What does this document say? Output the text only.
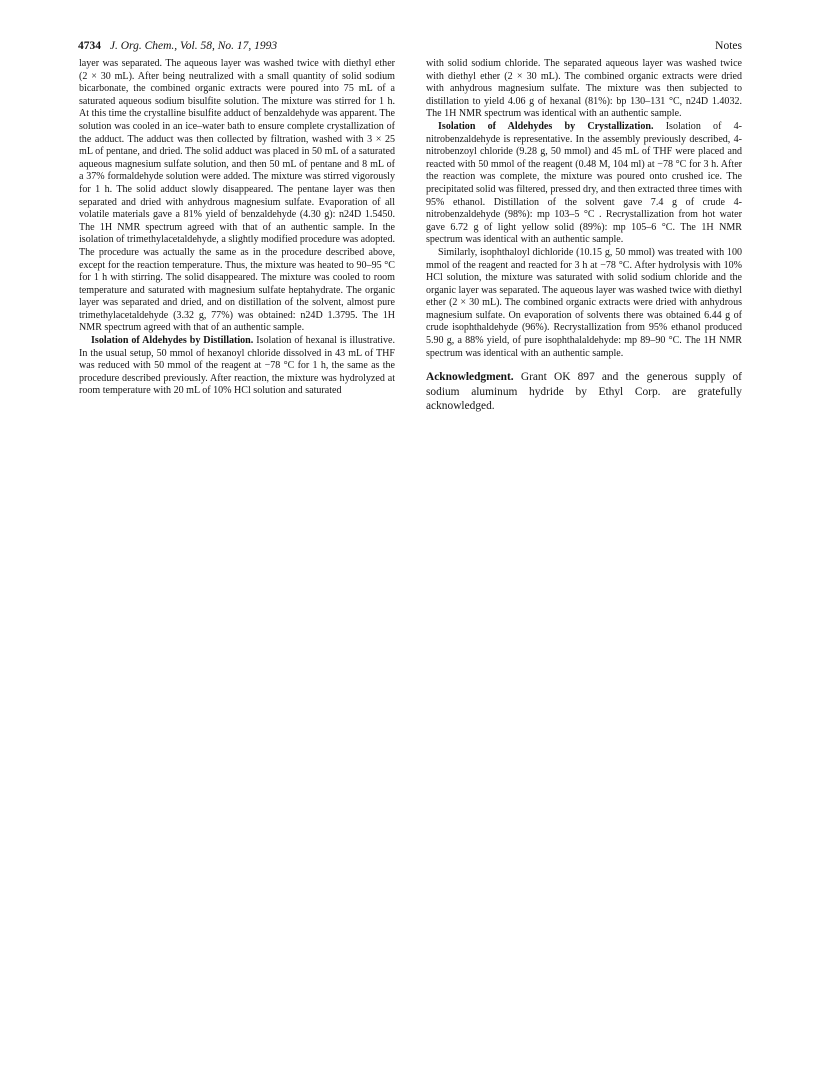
4734 J. Org. Chem., Vol. 58, No. 17, 1993	Notes

layer was separated. The aqueous layer was washed twice with diethyl ether (2 × 30 mL). After being neutralized with a small quantity of solid sodium bicarbonate, the combined organic extracts were poured into 75 mL of a saturated aqueous sodium bisulfite solution. The mixture was stirred for 1 h. At this time the crystalline bisulfite adduct of benzaldehyde was apparent. The solution was cooled in an ice–water bath to ensure complete crystallization of the adduct. The adduct was then collected by filtration, washed with 3 × 25 mL of pentane, and dried. The solid adduct was placed in 50 mL of a saturated aqueous magnesium sulfate solution, and then 50 mL of pentane and 8 mL of a 37% formaldehyde solution were added. The mixture was stirred vigorously for 1 h. The solid adduct slowly disappeared. The pentane layer was then separated and dried with anhydrous magnesium sulfate. Evaporation of all volatile materials gave a 81% yield of benzaldehyde (4.30 g): n24D 1.5450. The 1H NMR spectrum agreed with that of an authentic sample. In the isolation of trimethylacetaldehyde, a slightly modified procedure was adopted. The procedure was actually the same as in the procedure described above, except for the reaction temperature. Thus, the mixture was heated to 90–95 °C for 1 h with stirring. The solid disappeared. The mixture was cooled to room temperature and saturated with magnesium sulfate heptahydrate. The organic layer was separated and dried, and on distillation of the solvent, almost pure trimethylacetaldehyde (3.32 g, 77%) was obtained: n24D 1.3795. The 1H NMR spectrum agreed with that of an authentic sample.

Isolation of Aldehydes by Distillation. Isolation of hexanal is illustrative. In the usual setup, 50 mmol of hexanoyl chloride dissolved in 43 mL of THF was reduced with 50 mmol of the reagent at −78 °C for 1 h, the same as the procedure described previously. After reaction, the mixture was hydrolyzed at room temperature with 20 mL of 10% HCl solution and saturated

with solid sodium chloride. The separated aqueous layer was washed twice with diethyl ether (2 × 30 mL). The combined organic extracts were dried with anhydrous magnesium sulfate. The mixture was then subjected to distillation to yield 4.06 g of hexanal (81%): bp 130–131 °C, n24D 1.4032. The 1H NMR spectrum was identical with an authentic sample.

Isolation of Aldehydes by Crystallization. Isolation of 4-nitrobenzaldehyde is representative. In the assembly previously described, 4-nitrobenzoyl chloride (9.28 g, 50 mmol) and 45 mL of THF were placed and reacted with 50 mmol of the reagent (0.48 M, 104 ml) at −78 °C for 3 h. After the reaction was complete, the mixture was poured onto crushed ice. The precipitated solid was filtered, pressed dry, and then extracted three times with 95% ethanol. Distillation of the solvent gave 7.4 g of crude 4-nitrobenzaldehyde (98%): mp 103–5 °C . Recrystallization from hot water gave 6.72 g of light yellow solid (89%): mp 105–6 °C. The 1H NMR spectrum was identical with an authentic sample.

Similarly, isophthaloyl dichloride (10.15 g, 50 mmol) was treated with 100 mmol of the reagent and reacted for 3 h at −78 °C. After hydrolysis with 10% HCl solution, the mixture was saturated with solid sodium chloride and the organic layer was separated. The aqueous layer was washed twice with diethyl ether (2 × 30 mL). The combined organic extracts were dried with anhydrous magnesium sulfate. On evaporation of solvents there was obtained 6.44 g of crude isophthaldehyde (96%). Recrystallization from 95% ethanol produced 5.90 g, a 88% yield, of pure isophthalaldehyde: mp 89–90 °C. The 1H NMR spectrum was identical with an authentic sample.

Acknowledgment. Grant OK 897 and the generous supply of sodium aluminum hydride by Ethyl Corp. are gratefully acknowledged.
